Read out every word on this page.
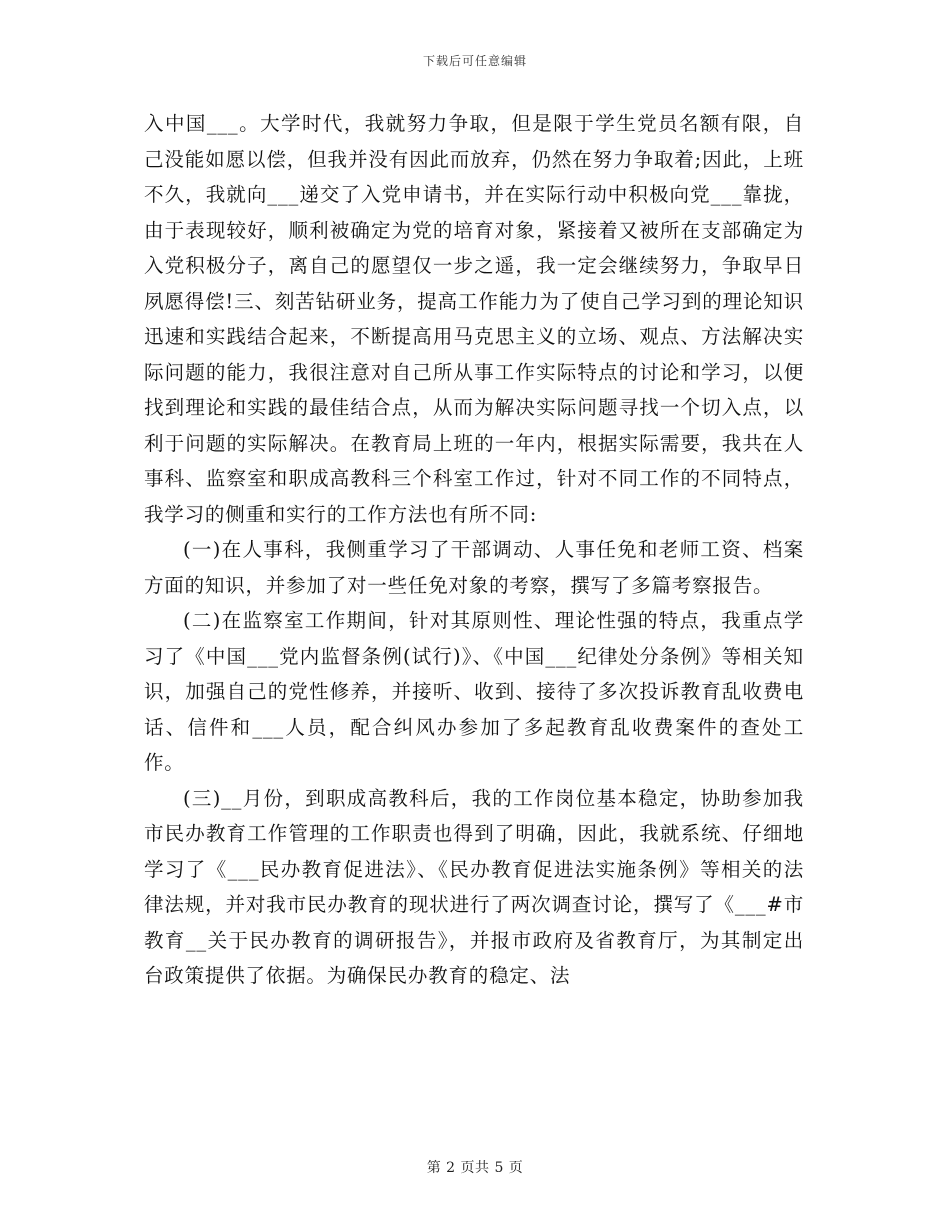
下载后可任意编辑

入中国___。大学时代，我就努力争取，但是限于学生党员名额有限，自己没能如愿以偿，但我并没有因此而放弃，仍然在努力争取着;因此，上班不久，我就向___递交了入党申请书，并在实际行动中积极向党___靠拢，由于表现较好，顺利被确定为党的培育对象，紧接着又被所在支部确定为入党积极分子，离自己的愿望仅一步之遥，我一定会继续努力，争取早日夙愿得偿!三、刻苦钻研业务，提高工作能力为了使自己学习到的理论知识迅速和实践结合起来，不断提高用马克思主义的立场、观点、方法解决实际问题的能力，我很注意对自己所从事工作实际特点的讨论和学习，以便找到理论和实践的最佳结合点，从而为解决实际问题寻找一个切入点，以利于问题的实际解决。在教育局上班的一年内，根据实际需要，我共在人事科、监察室和职成高教科三个科室工作过，针对不同工作的不同特点，我学习的侧重和实行的工作方法也有所不同:

(一)在人事科，我侧重学习了干部调动、人事任免和老师工资、档案方面的知识，并参加了对一些任免对象的考察，撰写了多篇考察报告。

(二)在监察室工作期间，针对其原则性、理论性强的特点，我重点学习了《中国___党内监督条例(试行)》、《中国___纪律处分条例》等相关知识，加强自己的党性修养，并接听、收到、接待了多次投诉教育乱收费电话、信件和___人员，配合纠风办参加了多起教育乱收费案件的查处工作。

(三)__月份，到职成高教科后，我的工作岗位基本稳定，协助参加我市民办教育工作管理的工作职责也得到了明确，因此，我就系统、仔细地学习了《___民办教育促进法》、《民办教育促进法实施条例》等相关的法律法规，并对我市民办教育的现状进行了两次调查讨论，撰写了《___#市教育__关于民办教育的调研报告》，并报市政府及省教育厅，为其制定出台政策提供了依据。为确保民办教育的稳定、法

第 2 页共 5 页
